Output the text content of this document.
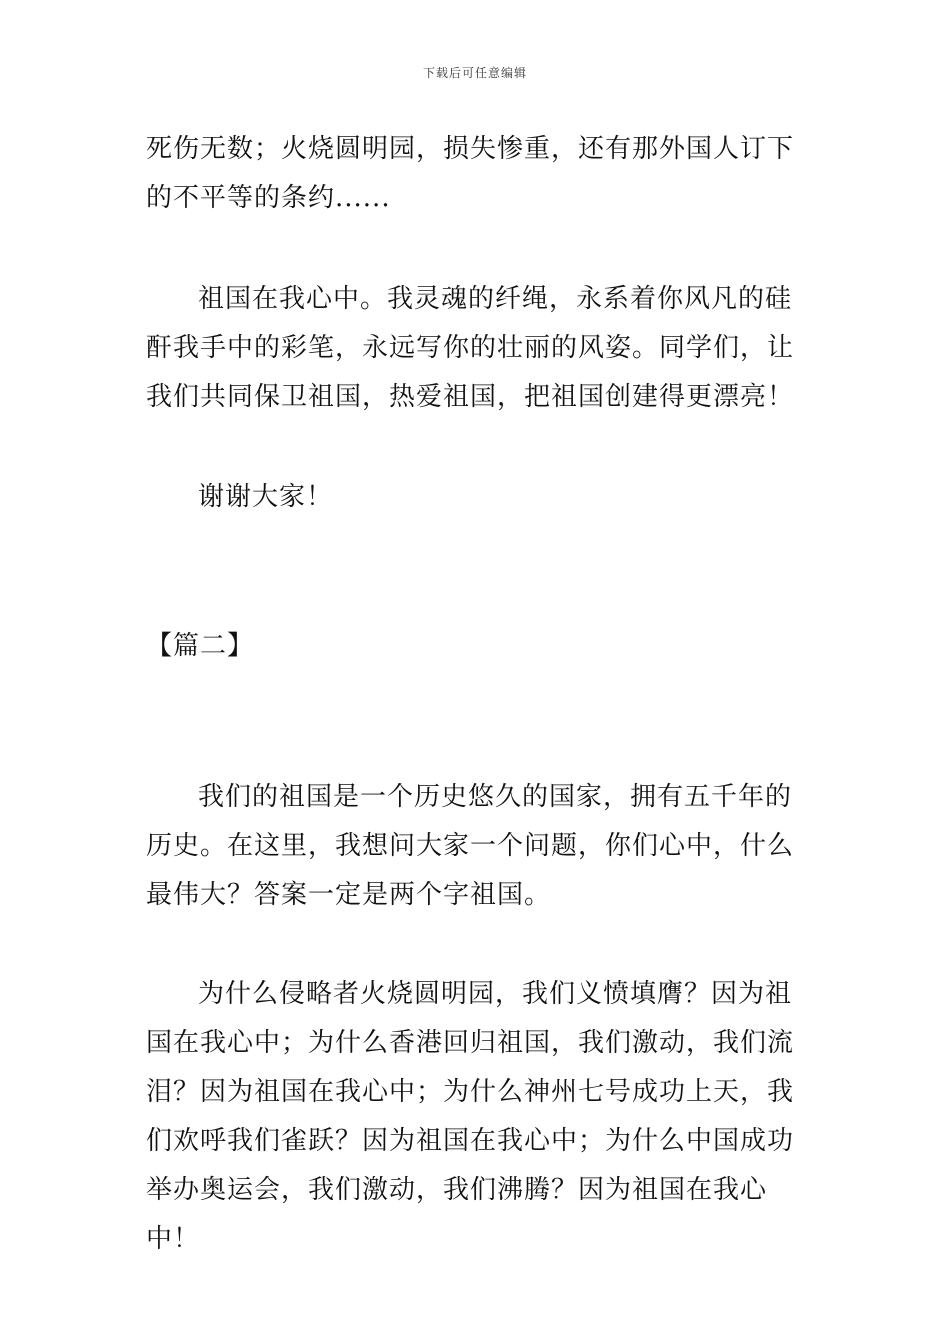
下载后可任意编辑
死伤无数；火烧圆明园，损失惨重，还有那外国人订下的不平等的条约......
祖国在我心中。我灵魂的纤绳，永系着你风凡的硅酐我手中的彩笔，永远写你的壮丽的风姿。同学们，让我们共同保卫祖国，热爱祖国，把祖国创建得更漂亮！
谢谢大家！
【篇二】
我们的祖国是一个历史悠久的国家，拥有五千年的历史。在这里，我想问大家一个问题，你们心中，什么最伟大？答案一定是两个字祖国。
为什么侵略者火烧圆明园，我们义愤填膺？因为祖国在我心中；为什么香港回归祖国，我们激动，我们流泪？因为祖国在我心中；为什么神州七号成功上天，我们欢呼我们雀跃？因为祖国在我心中；为什么中国成功举办奥运会，我们激动，我们沸腾？因为祖国在我心中！
